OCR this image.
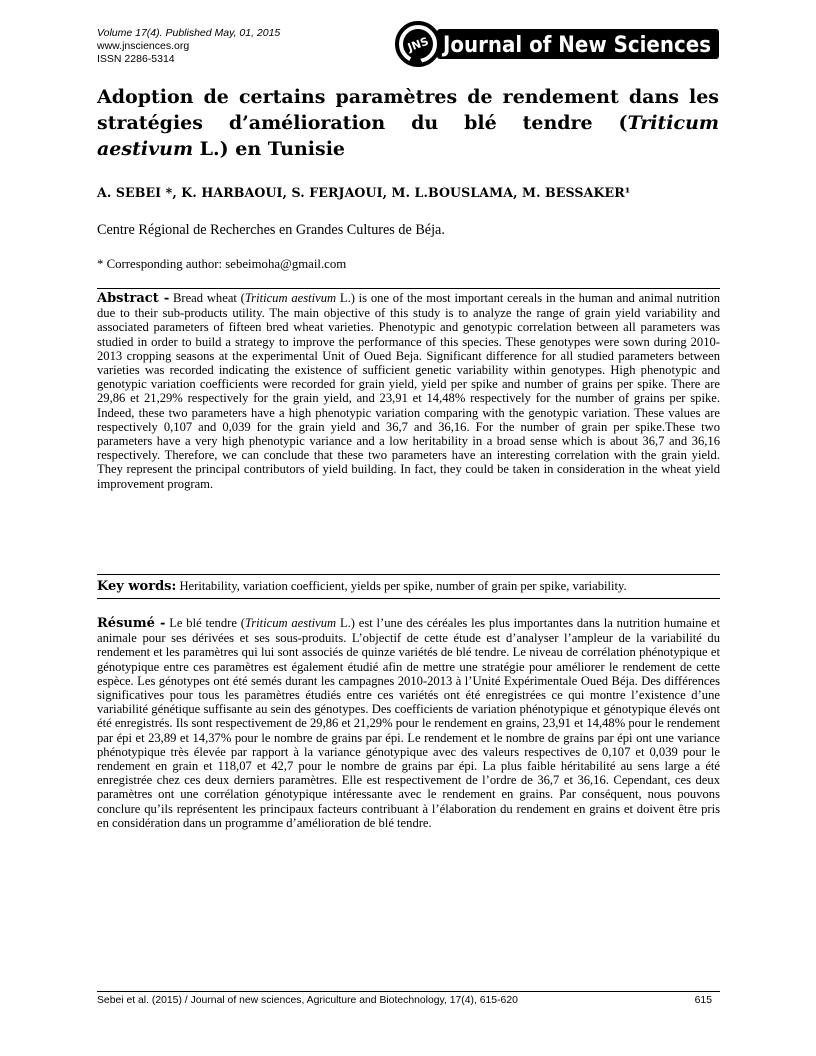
Volume 17(4). Published May, 01, 2015
www.jnsciences.org
ISSN 2286-5314
JNS Journal of New Sciences
Adoption de certains paramètres de rendement dans les stratégies d’amélioration du blé tendre (Triticum aestivum L.) en Tunisie
A. SEBEI *, K. HARBAOUI, S. FERJAOUI, M. L.BOUSLAMA, M. BESSAKER¹
Centre Régional de Recherches en Grandes Cultures de Béja.
* Corresponding author: sebeimoha@gmail.com
Abstract - Bread wheat (Triticum aestivum L.) is one of the most important cereals in the human and animal nutrition due to their sub-products utility. The main objective of this study is to analyze the range of grain yield variability and associated parameters of fifteen bred wheat varieties. Phenotypic and genotypic correlation between all parameters was studied in order to build a strategy to improve the performance of this species. These genotypes were sown during 2010-2013 cropping seasons at the experimental Unit of Oued Beja. Significant difference for all studied parameters between varieties was recorded indicating the existence of sufficient genetic variability within genotypes. High phenotypic and genotypic variation coefficients were recorded for grain yield, yield per spike and number of grains per spike. There are 29,86 et 21,29% respectively for the grain yield, and 23,91 et 14,48% respectively for the number of grains per spike. Indeed, these two parameters have a high phenotypic variation comparing with the genotypic variation. These values are respectively 0,107 and 0,039 for the grain yield and 36,7 and 36,16. For the number of grain per spike.These two parameters have a very high phenotypic variance and a low heritability in a broad sense which is about 36,7 and 36,16 respectively. Therefore, we can conclude that these two parameters have an interesting correlation with the grain yield. They represent the principal contributors of yield building. In fact, they could be taken in consideration in the wheat yield improvement program.
Key words: Heritability, variation coefficient, yields per spike, number of grain per spike, variability.
Résumé - Le blé tendre (Triticum aestivum L.) est l’une des céréales les plus importantes dans la nutrition humaine et animale pour ses dérivées et ses sous-produits. L’objectif de cette étude est d’analyser l’ampleur de la variabilité du rendement et les paramètres qui lui sont associés de quinze variétés de blé tendre. Le niveau de corrélation phénotypique et génotypique entre ces paramètres est également étudié afin de mettre une stratégie pour améliorer le rendement de cette espèce. Les génotypes ont été semés durant les campagnes 2010-2013 à l’Unité Expérimentale Oued Béja. Des différences significatives pour tous les paramètres étudiés entre ces variétés ont été enregistrées ce qui montre l’existence d’une variabilité génétique suffisante au sein des génotypes. Des coefficients de variation phénotypique et génotypique élevés ont été enregistrés. Ils sont respectivement de 29,86 et 21,29% pour le rendement en grains, 23,91 et 14,48% pour le rendement par épi et 23,89 et 14,37% pour le nombre de grains par épi. Le rendement et le nombre de grains par épi ont une variance phénotypique très élevée par rapport à la variance génotypique avec des valeurs respectives de 0,107 et 0,039 pour le rendement en grain et 118,07 et 42,7 pour le nombre de grains par épi. La plus faible héritabilité au sens large a été enregistrée chez ces deux derniers paramètres. Elle est respectivement de l’ordre de 36,7 et 36,16. Cependant, ces deux paramètres ont une corrélation génotypique intéressante avec le rendement en grains. Par conséquent, nous pouvons conclure qu’ils représentent les principaux facteurs contribuant à l’élaboration du rendement en grains et doivent être pris en considération dans un programme d’amélioration de blé tendre.
Sebei et al. (2015) / Journal of new sciences, Agriculture and Biotechnology, 17(4), 615-620	615
